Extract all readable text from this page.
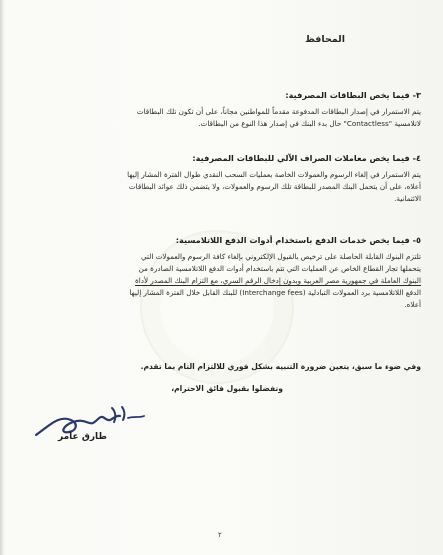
المحافظ
٣- فيما يخص البطاقات المصرفية:
يتم الاستمرار في إصدار البطاقات المدفوعة مقدماً للمواطنين مجاناً، على أن تكون تلك البطاقات
لاتلامسية "Contactless" حال بدء البنك في إصدار هذا النوع من البطاقات.
٤- فيما يخص معاملات الصراف الآلي للبطاقات المصرفية:
يتم الاستمرار في إلغاء الرسوم والعمولات الخاصة بعمليات السحب النقدي طوال الفترة المشار إليها
أعلاه، على أن يتحمل البنك المصدر للبطاقة تلك الرسوم والعمولات، ولا يتضمن ذلك عوائد البطاقات
الائتمانية.
٥- فيما يخص خدمات الدفع باستخدام أدوات الدفع اللاتلامسية:
تلتزم البنوك القابلة الحاصلة على ترخيص بالقبول الإلكتروني بإلغاء كافة الرسوم والعمولات التي
يتحملها تجار القطاع الخاص عن العمليات التي تتم باستخدام أدوات الدفع اللاتلامسية الصادرة من
البنوك العاملة في جمهورية مصر العربية وبدون إدخال الرقم السري، مع التزام البنك المصدر لأداة
الدفع اللاتلامسية برد العمولات التبادلية (Interchange fees) للبنك القابل خلال الفترة المشار إليها
أعلاه.
وفي ضوء ما سبق، يتعين ضرورة التنبيه بشكل فوري للالتزام التام بما تقدم.
وتفضلوا بقبول فائق الاحترام،
طارق عامر
٢
